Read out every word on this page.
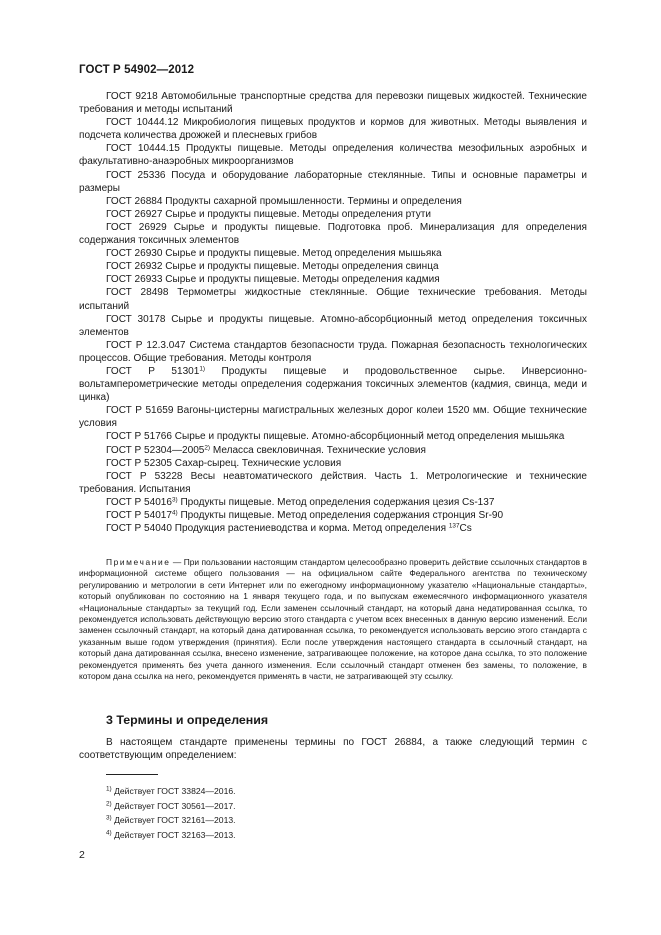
ГОСТ Р 54902—2012

ГОСТ 9218 Автомобильные транспортные средства для перевозки пищевых жидкостей. Технические требования и методы испытаний

ГОСТ 10444.12 Микробиология пищевых продуктов и кормов для животных. Методы выявления и подсчета количества дрожжей и плесневых грибов

ГОСТ 10444.15 Продукты пищевые. Методы определения количества мезофильных аэробных и факультативно-анаэробных микроорганизмов

ГОСТ 25336 Посуда и оборудование лабораторные стеклянные. Типы и основные параметры и размеры

ГОСТ 26884 Продукты сахарной промышленности. Термины и определения

ГОСТ 26927 Сырье и продукты пищевые. Методы определения ртути

ГОСТ 26929 Сырье и продукты пищевые. Подготовка проб. Минерализация для определения содержания токсичных элементов

ГОСТ 26930 Сырье и продукты пищевые. Метод определения мышьяка

ГОСТ 26932 Сырье и продукты пищевые. Методы определения свинца

ГОСТ 26933 Сырье и продукты пищевые. Методы определения кадмия

ГОСТ 28498 Термометры жидкостные стеклянные. Общие технические требования. Методы испытаний

ГОСТ 30178 Сырье и продукты пищевые. Атомно-абсорбционный метод определения токсичных элементов

ГОСТ Р 12.3.047 Система стандартов безопасности труда. Пожарная безопасность технологических процессов. Общие требования. Методы контроля

ГОСТ Р 51301$^{1)}$ Продукты пищевые и продовольственное сырье. Инверсионно-вольтамперометрические методы определения содержания токсичных элементов (кадмия, свинца, меди и цинка)

ГОСТ Р 51659 Вагоны-цистерны магистральных железных дорог колеи 1520 мм. Общие технические условия

ГОСТ Р 51766 Сырье и продукты пищевые. Атомно-абсорбционный метод определения мышьяка

ГОСТ Р 52304—2005$^{2)}$ Меласса свекловичная. Технические условия

ГОСТ Р 52305 Сахар-сырец. Технические условия

ГОСТ Р 53228 Весы неавтоматического действия. Часть 1. Метрологические и технические требования. Испытания

ГОСТ Р 54016$^{3)}$ Продукты пищевые. Метод определения содержания цезия Cs-137

ГОСТ Р 54017$^{4)}$ Продукты пищевые. Метод определения содержания стронция Sr-90

ГОСТ Р 54040 Продукция растениеводства и корма. Метод определения $^{137}$Cs

Примечание — При пользовании настоящим стандартом целесообразно проверить действие ссылочных стандартов в информационной системе общего пользования — на официальном сайте Федерального агентства по техническому регулированию и метрологии в сети Интернет или по ежегодному информационному указателю «Национальные стандарты», который опубликован по состоянию на 1 января текущего года, и по выпускам ежемесячного информационного указателя «Национальные стандарты» за текущий год. Если заменен ссылочный стандарт, на который дана недатированная ссылка, то рекомендуется использовать действующую версию этого стандарта с учетом всех внесенных в данную версию изменений. Если заменен ссылочный стандарт, на который дана датированная ссылка, то рекомендуется использовать версию этого стандарта с указанным выше годом утверждения (принятия). Если после утверждения настоящего стандарта в ссылочный стандарт, на который дана датированная ссылка, внесено изменение, затрагивающее положение, на которое дана ссылка, то это положение рекомендуется применять без учета данного изменения. Если ссылочный стандарт отменен без замены, то положение, в котором дана ссылка на него, рекомендуется применять в части, не затрагивающей эту ссылку.

3 Термины и определения

В настоящем стандарте применены термины по ГОСТ 26884, а также следующий термин с соответствующим определением:

$^{1)}$ Действует ГОСТ 33824—2016.
$^{2)}$ Действует ГОСТ 30561—2017.
$^{3)}$ Действует ГОСТ 32161—2013.
$^{4)}$ Действует ГОСТ 32163—2013.
2
